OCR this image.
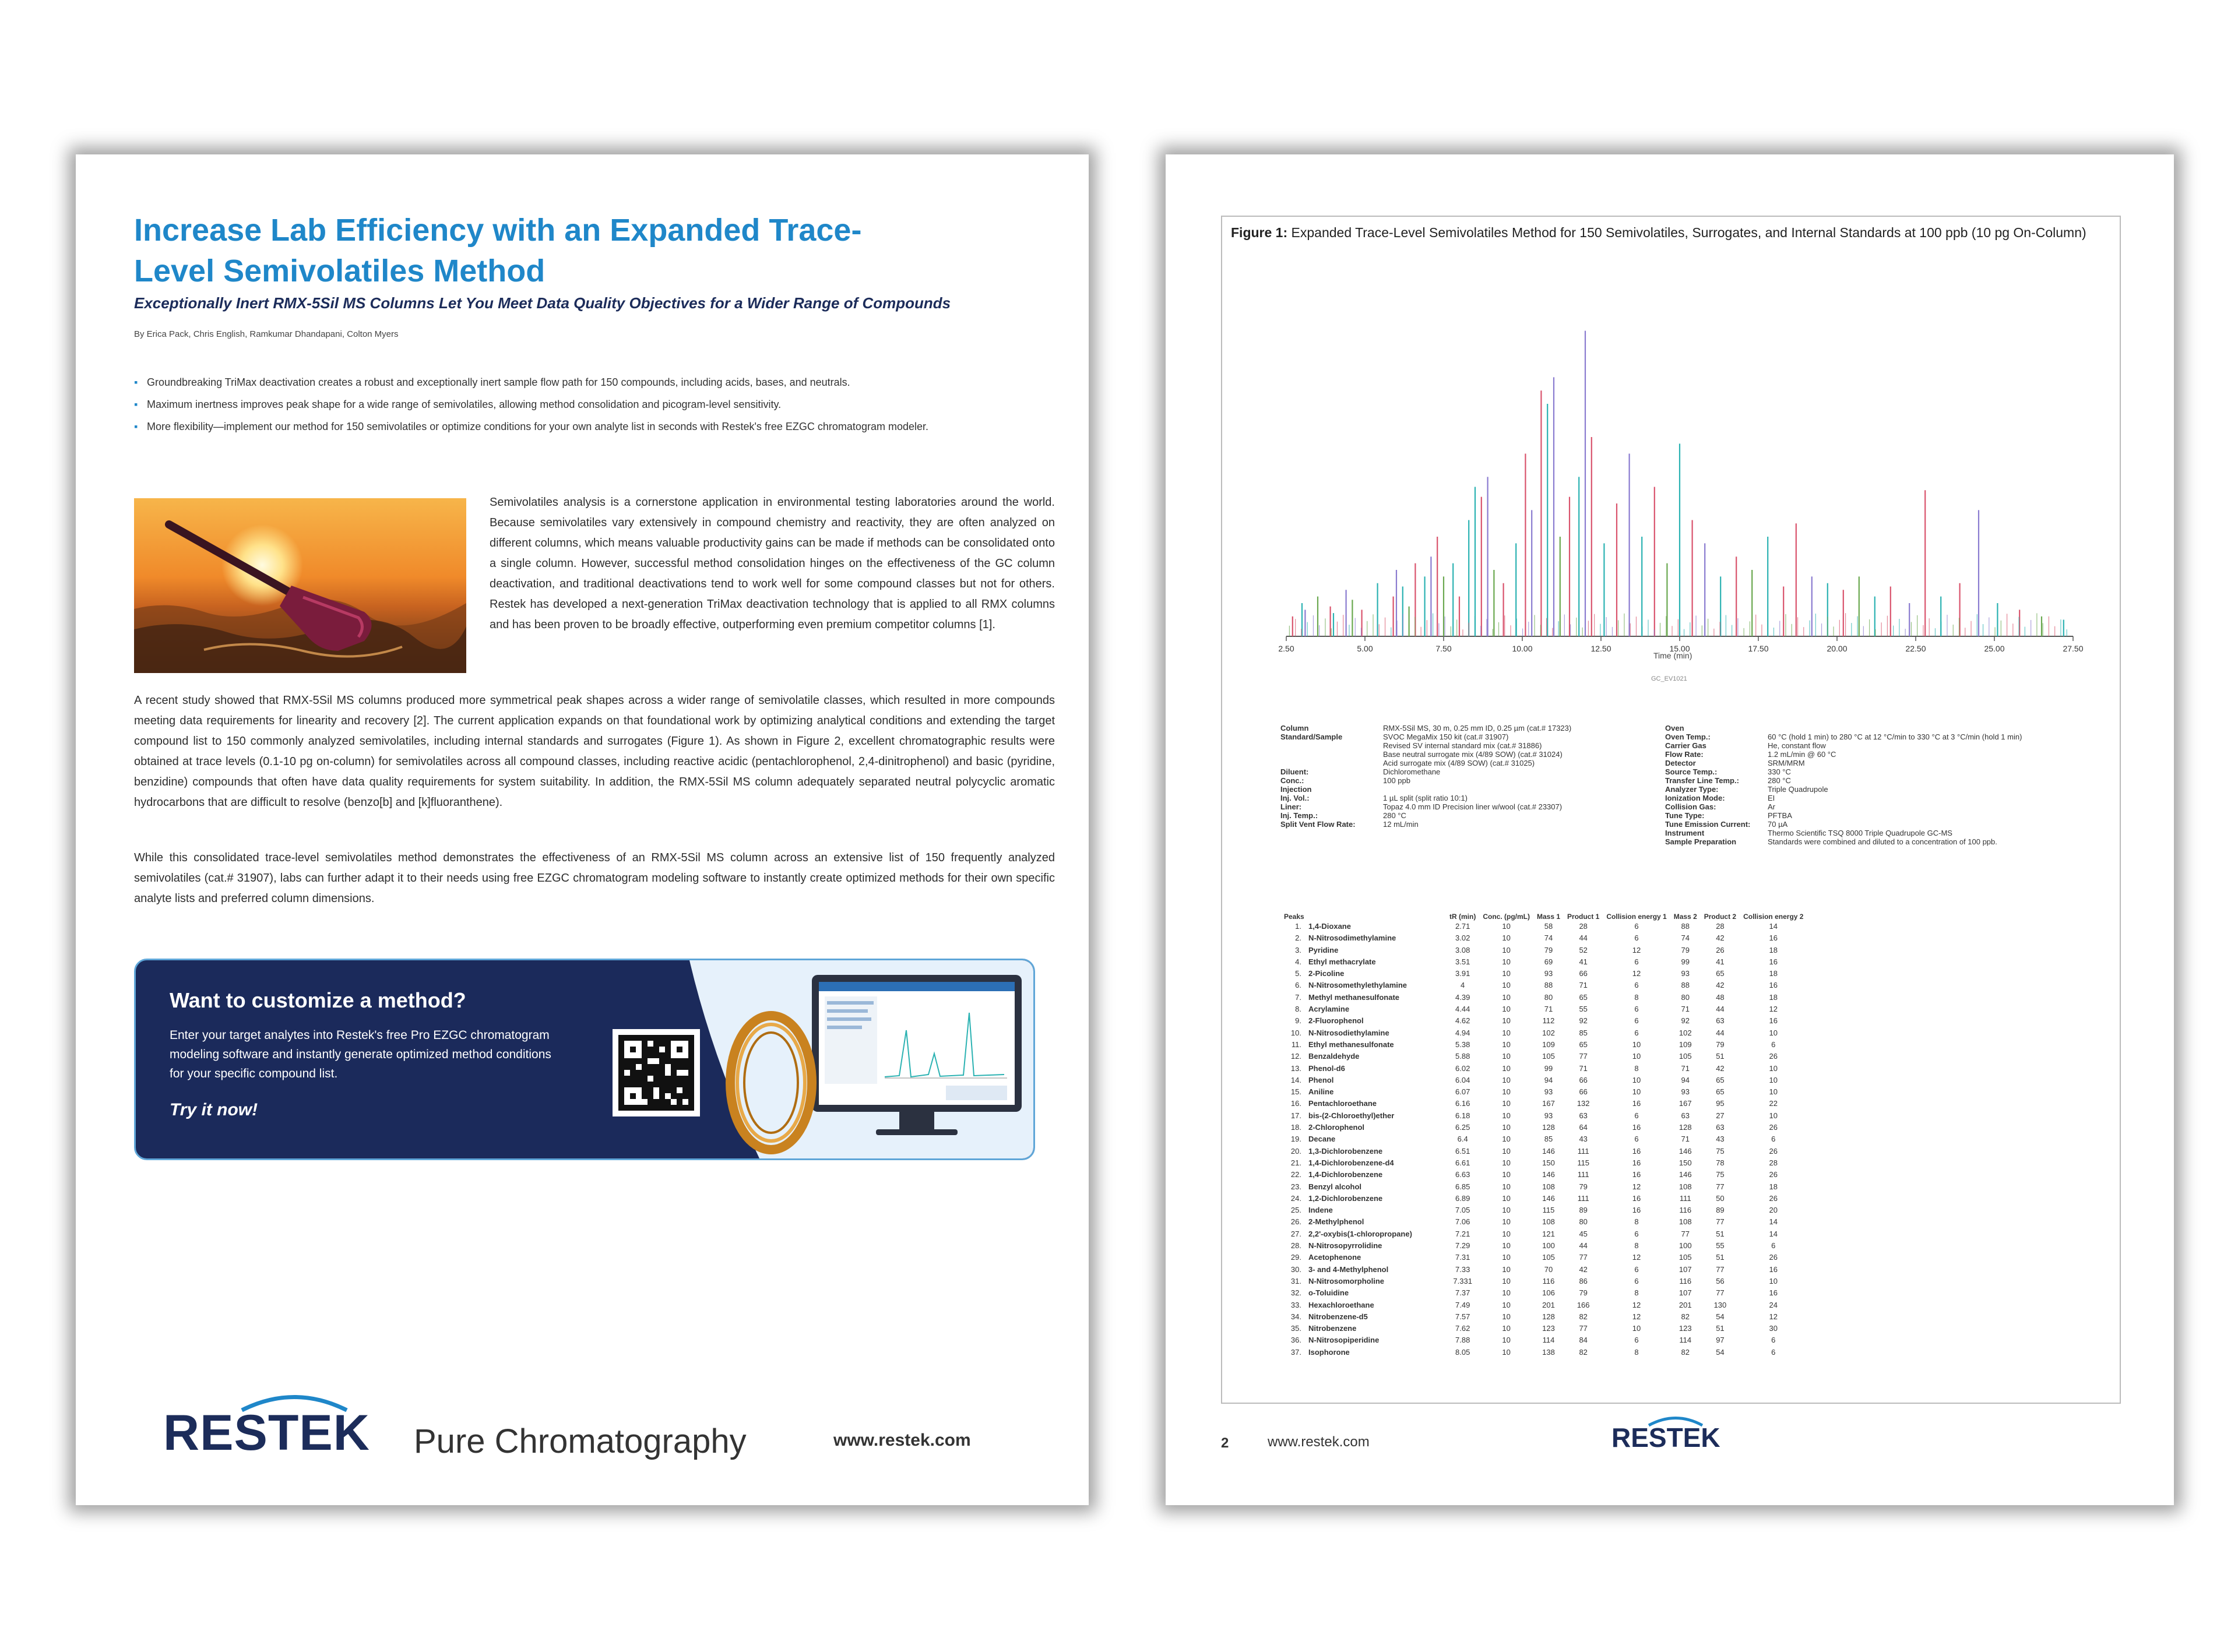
Increase Lab Efficiency with an Expanded Trace-Level Semivolatiles Method
Exceptionally Inert RMX-5Sil MS Columns Let You Meet Data Quality Objectives for a Wider Range of Compounds
By Erica Pack, Chris English, Ramkumar Dhandapani, Colton Myers
▪ Groundbreaking TriMax deactivation creates a robust and exceptionally inert sample flow path for 150 compounds, including acids, bases, and neutrals.
▪ Maximum inertness improves peak shape for a wide range of semivolatiles, allowing method consolidation and picogram-level sensitivity.
▪ More flexibility—implement our method for 150 semivolatiles or optimize conditions for your own analyte list in seconds with Restek's free EZGC chromatogram modeler.

Semivolatiles analysis is a cornerstone application in environmental testing laboratories around the world. Because semivolatiles vary extensively in compound chemistry and reactivity, they are often analyzed on different columns, which means valuable productivity gains can be made if methods can be consolidated onto a single column. However, successful method consolidation hinges on the effectiveness of the GC column deactivation, and traditional deactivations tend to work well for some compound classes but not for others. Restek has developed a next-generation TriMax deactivation technology that is applied to all RMX columns and has been proven to be broadly effective, outperforming even premium competitor columns [1].

A recent study showed that RMX-5Sil MS columns produced more symmetrical peak shapes across a wider range of semivolatile classes, which resulted in more compounds meeting data requirements for linearity and recovery [2]. The current application expands on that foundational work by optimizing analytical conditions and extending the target compound list to 150 commonly analyzed semivolatiles, including internal standards and surrogates (Figure 1). As shown in Figure 2, excellent chromatographic results were obtained at trace levels (0.1-10 pg on-column) for semivolatiles across all compound classes, including reactive acidic (pentachlorophenol, 2,4-dinitrophenol) and basic (pyridine, benzidine) compounds that often have data quality requirements for system suitability. In addition, the RMX-5Sil MS column adequately separated neutral polycyclic aromatic hydrocarbons that are difficult to resolve (benzo[b] and [k]fluoranthene).

While this consolidated trace-level semivolatiles method demonstrates the effectiveness of an RMX-5Sil MS column across an extensive list of 150 frequently analyzed semivolatiles (cat.# 31907), labs can further adapt it to their needs using free EZGC chromatogram modeling software to instantly create optimized methods for their own specific analyte lists and preferred column dimensions.

Want to customize a method?

Enter your target analytes into Restek's free Pro EZGC chromatogram modeling software and instantly generate optimized method conditions for your specific compound list.

Try it now!
RESTEK Pure Chromatography	www.restek.com

Figure 1: Expanded Trace-Level Semivolatiles Method for 150 Semivolatiles, Surrogates, and Internal Standards at 100 ppb (10 pg On-Column)

2.50	5.00	7.50	10.00	12.50	15.00	17.50	20.00	22.50	25.00	27.50
Time (min)
GC_EV1021
Column	RMX-5Sil MS, 30 m, 0.25 mm ID, 0.25 µm (cat.# 17323)
Standard/Sample	SVOC MegaMix 150 kit (cat.# 31907)
	Revised SV internal standard mix (cat.# 31886)
	Base neutral surrogate mix (4/89 SOW) (cat.# 31024)
	Acid surrogate mix (4/89 SOW) (cat.# 31025)
Diluent:	Dichloromethane
Conc.:	100 ppb
Injection	
Inj. Vol.:	1 µL split (split ratio 10:1)
Liner:	Topaz 4.0 mm ID Precision liner w/wool (cat.# 23307)
Inj. Temp.:	280 °C
Split Vent Flow Rate:	12 mL/min
Oven	
Oven Temp.:	60 °C (hold 1 min) to 280 °C at 12 °C/min to 330 °C at 3 °C/min (hold 1 min)
Carrier Gas	He, constant flow
Flow Rate:	1.2 mL/min @ 60 °C
Detector	SRM/MRM
Source Temp.:	330 °C
Transfer Line Temp.:	280 °C
Analyzer Type:	Triple Quadrupole
Ionization Mode:	EI
Collision Gas:	Ar
Tune Type:	PFTBA
Tune Emission Current:	70 µA
Instrument	Thermo Scientific TSQ 8000 Triple Quadrupole GC-MS
Sample Preparation	Standards were combined and diluted to a concentration of 100 ppb.
Peaks		tR (min)	Conc. (pg/mL)	Mass 1	Product 1	Collision energy 1	Mass 2	Product 2	Collision energy 2
1.	1,4-Dioxane	2.71	10	58	28	6	88	28	14
2.	N-Nitrosodimethylamine	3.02	10	74	44	6	74	42	16
3.	Pyridine	3.08	10	79	52	12	79	26	18
4.	Ethyl methacrylate	3.51	10	69	41	6	99	41	16
5.	2-Picoline	3.91	10	93	66	12	93	65	18
6.	N-Nitrosomethylethylamine	4	10	88	71	6	88	42	16
7.	Methyl methanesulfonate	4.39	10	80	65	8	80	48	18
8.	Acrylamine	4.44	10	71	55	6	71	44	12
9.	2-Fluorophenol	4.62	10	112	92	6	92	63	16
10.	N-Nitrosodiethylamine	4.94	10	102	85	6	102	44	10
11.	Ethyl methanesulfonate	5.38	10	109	65	10	109	79	6
12.	Benzaldehyde	5.88	10	105	77	10	105	51	26
13.	Phenol-d6	6.02	10	99	71	8	71	42	10
14.	Phenol	6.04	10	94	66	10	94	65	10
15.	Aniline	6.07	10	93	66	10	93	65	10
16.	Pentachloroethane	6.16	10	167	132	16	167	95	22
17.	bis-(2-Chloroethyl)ether	6.18	10	93	63	6	63	27	10
18.	2-Chlorophenol	6.25	10	128	64	16	128	63	26
19.	Decane	6.4	10	85	43	6	71	43	6
20.	1,3-Dichlorobenzene	6.51	10	146	111	16	146	75	26
21.	1,4-Dichlorobenzene-d4	6.61	10	150	115	16	150	78	28
22.	1,4-Dichlorobenzene	6.63	10	146	111	16	146	75	26
23.	Benzyl alcohol	6.85	10	108	79	12	108	77	18
24.	1,2-Dichlorobenzene	6.89	10	146	111	16	111	50	26
25.	Indene	7.05	10	115	89	16	116	89	20
26.	2-Methylphenol	7.06	10	108	80	8	108	77	14
27.	2,2'-oxybis(1-chloropropane)	7.21	10	121	45	6	77	51	14
28.	N-Nitrosopyrrolidine	7.29	10	100	44	8	100	55	6
29.	Acetophenone	7.31	10	105	77	12	105	51	26
30.	3- and 4-Methylphenol	7.33	10	70	42	6	107	77	16
31.	N-Nitrosomorpholine	7.331	10	116	86	6	116	56	10
32.	o-Toluidine	7.37	10	106	79	8	107	77	16
33.	Hexachloroethane	7.49	10	201	166	12	201	130	24
34.	Nitrobenzene-d5	7.57	10	128	82	12	82	54	12
35.	Nitrobenzene	7.62	10	123	77	10	123	51	30
36.	N-Nitrosopiperidine	7.88	10	114	84	6	114	97	6
37.	Isophorone	8.05	10	138	82	8	82	54	6
2	www.restek.com	RESTEK
